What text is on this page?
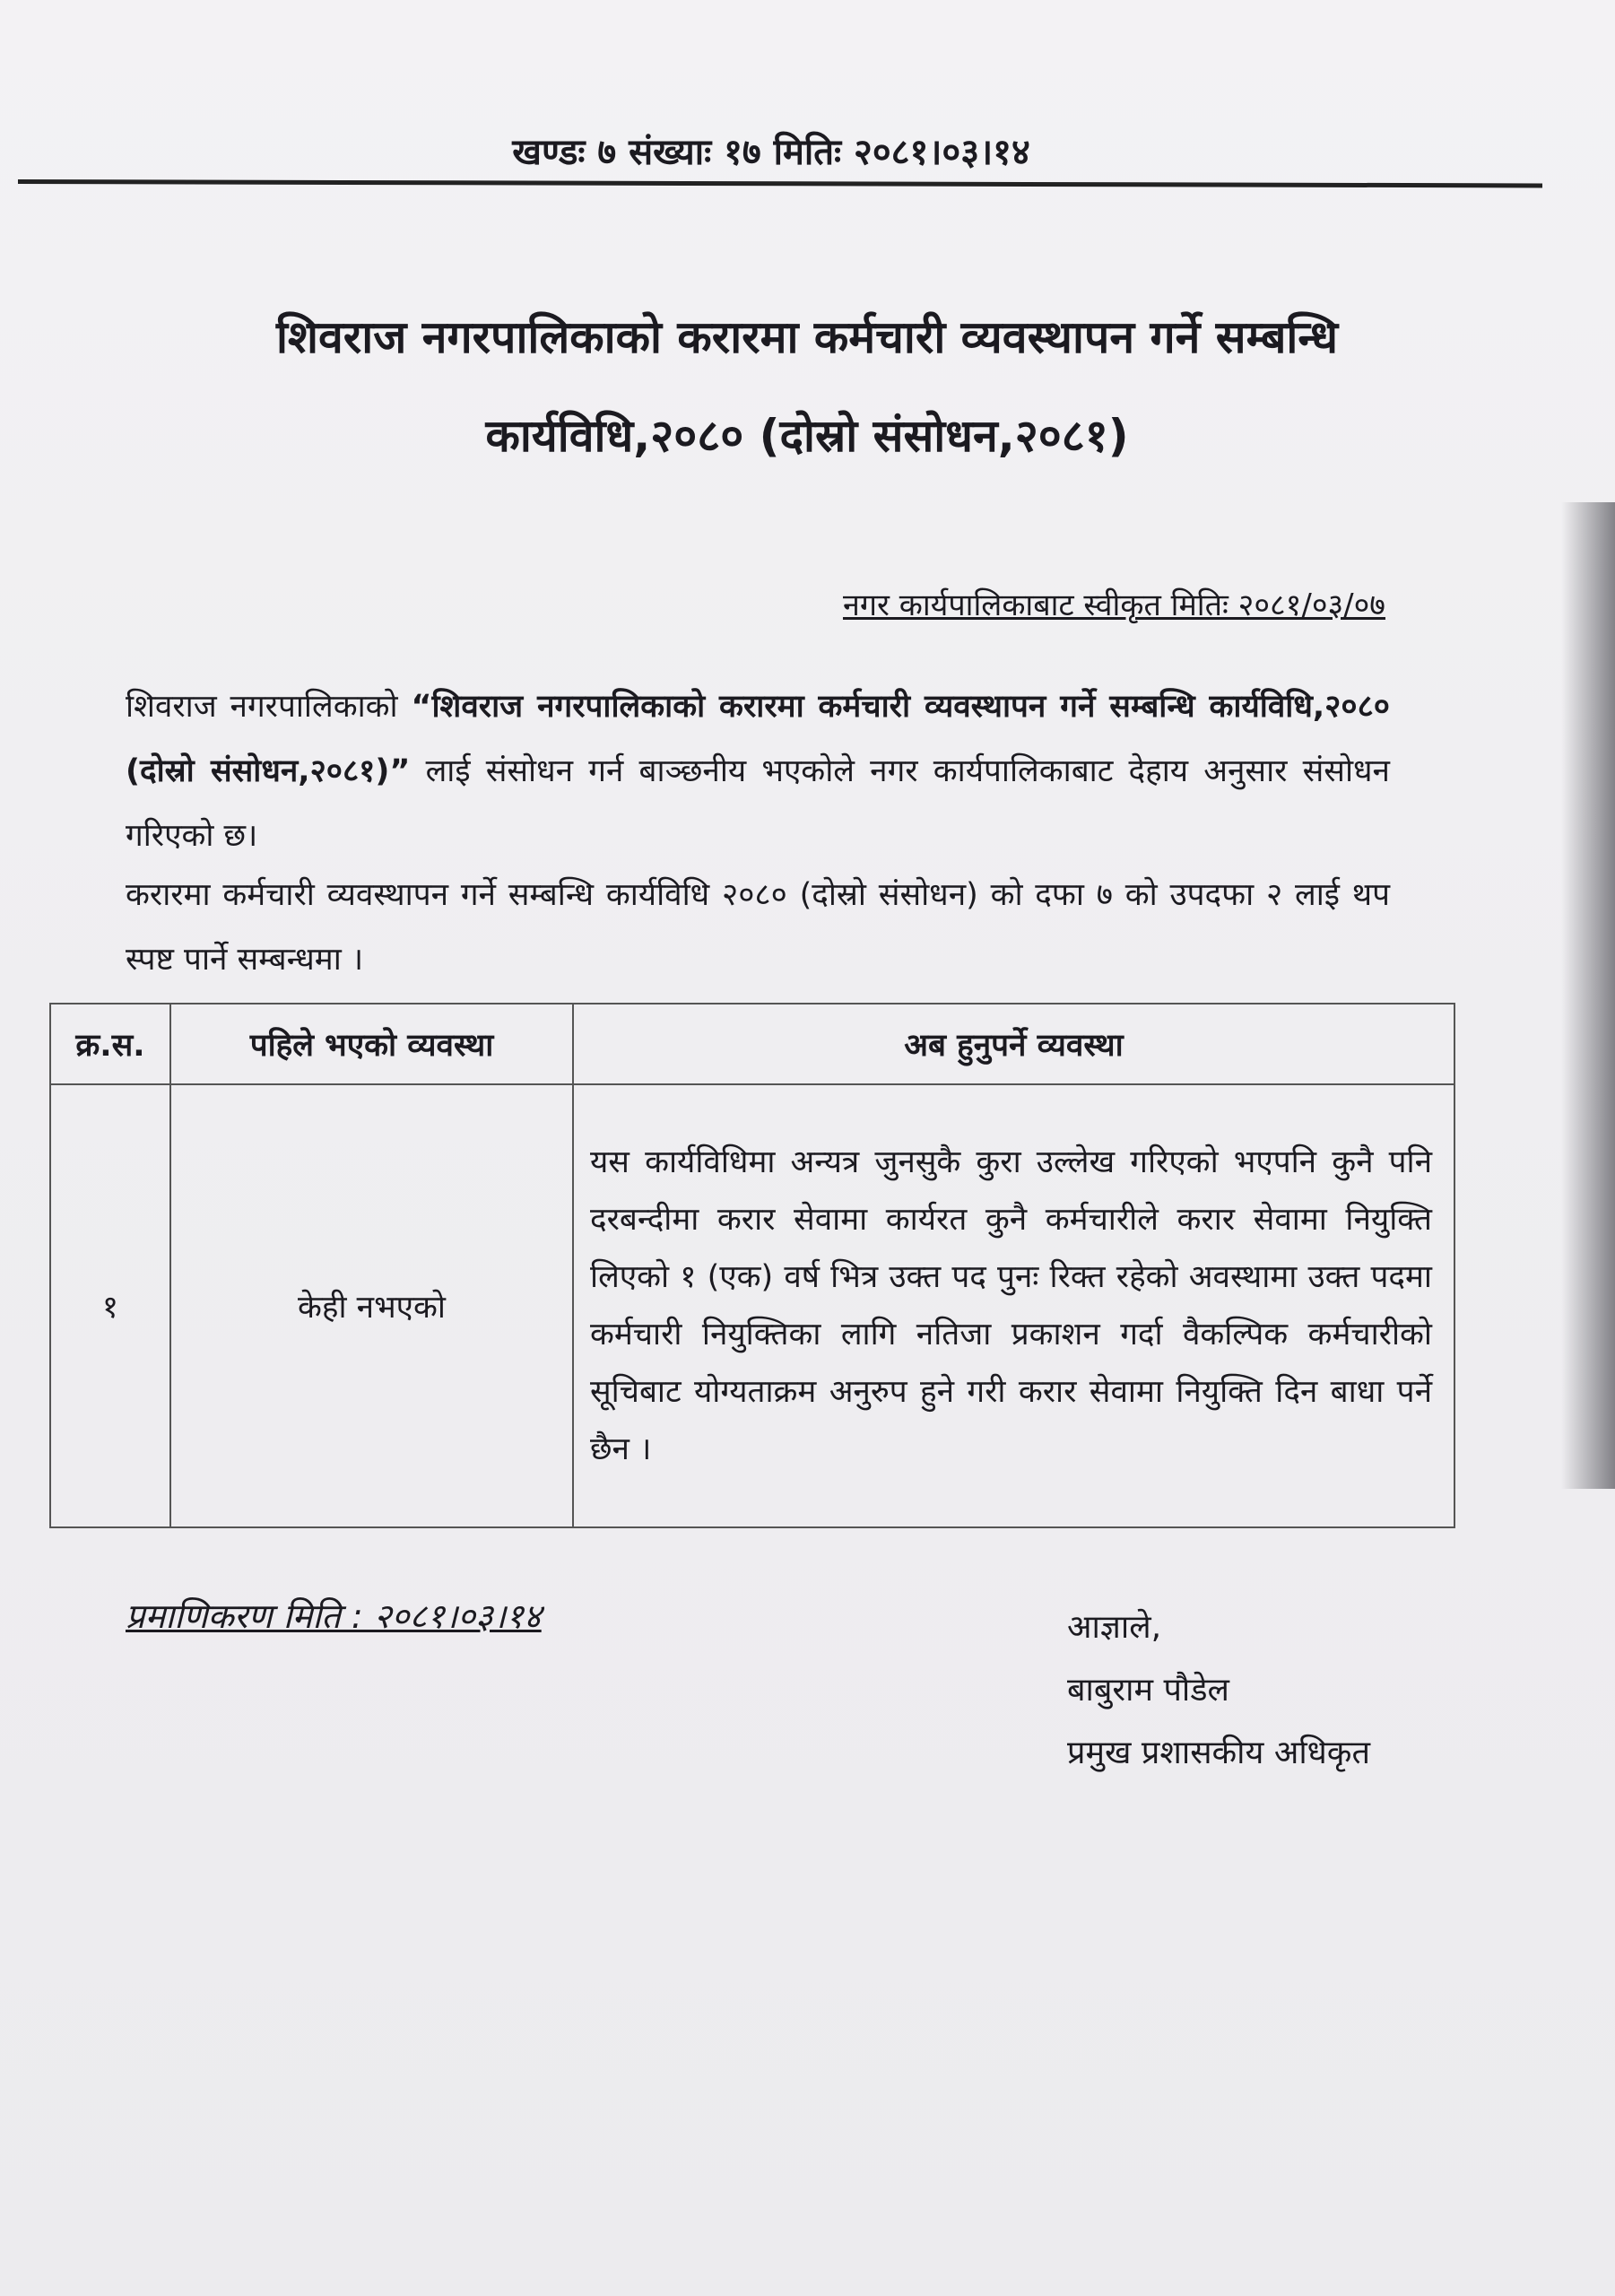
खण्डः ७ संख्याः १७ मितिः २०८१।०३।१४
शिवराज नगरपालिकाको करारमा कर्मचारी व्यवस्थापन गर्ने सम्बन्धि
कार्यविधि,२०८० (दोस्रो संसोधन,२०८१)
नगर कार्यपालिकाबाट स्वीकृत मितिः २०८१/०३/०७
शिवराज नगरपालिकाको “शिवराज नगरपालिकाको करारमा कर्मचारी व्यवस्थापन गर्ने सम्बन्धि कार्यविधि,२०८० (दोस्रो संसोधन,२०८१)” लाई संसोधन गर्न बाञ्छनीय भएकोले नगर कार्यपालिकाबाट देहाय अनुसार संसोधन गरिएको छ।
करारमा कर्मचारी व्यवस्थापन गर्ने सम्बन्धि कार्यविधि २०८० (दोस्रो संसोधन) को दफा ७ को उपदफा २ लाई थप स्पष्ट पार्ने सम्बन्धमा ।
क्र.स.	पहिले भएको व्यवस्था	अब हुनुपर्ने व्यवस्था
१	केही नभएको	यस कार्यविधिमा अन्यत्र जुनसुकै कुरा उल्लेख गरिएको भएपनि कुनै पनि दरबन्दीमा करार सेवामा कार्यरत कुनै कर्मचारीले करार सेवामा नियुक्ति लिएको १ (एक) वर्ष भित्र उक्त पद पुनः रिक्त रहेको अवस्थामा उक्त पदमा कर्मचारी नियुक्तिका लागि नतिजा प्रकाशन गर्दा वैकल्पिक कर्मचारीको सूचिबाट योग्यताक्रम अनुरुप हुने गरी करार सेवामा नियुक्ति दिन बाधा पर्ने छैन ।
प्रमाणिकरण मिति : २०८१।०३।१४	आज्ञाले,
बाबुराम पौडेल
प्रमुख प्रशासकीय अधिकृत
